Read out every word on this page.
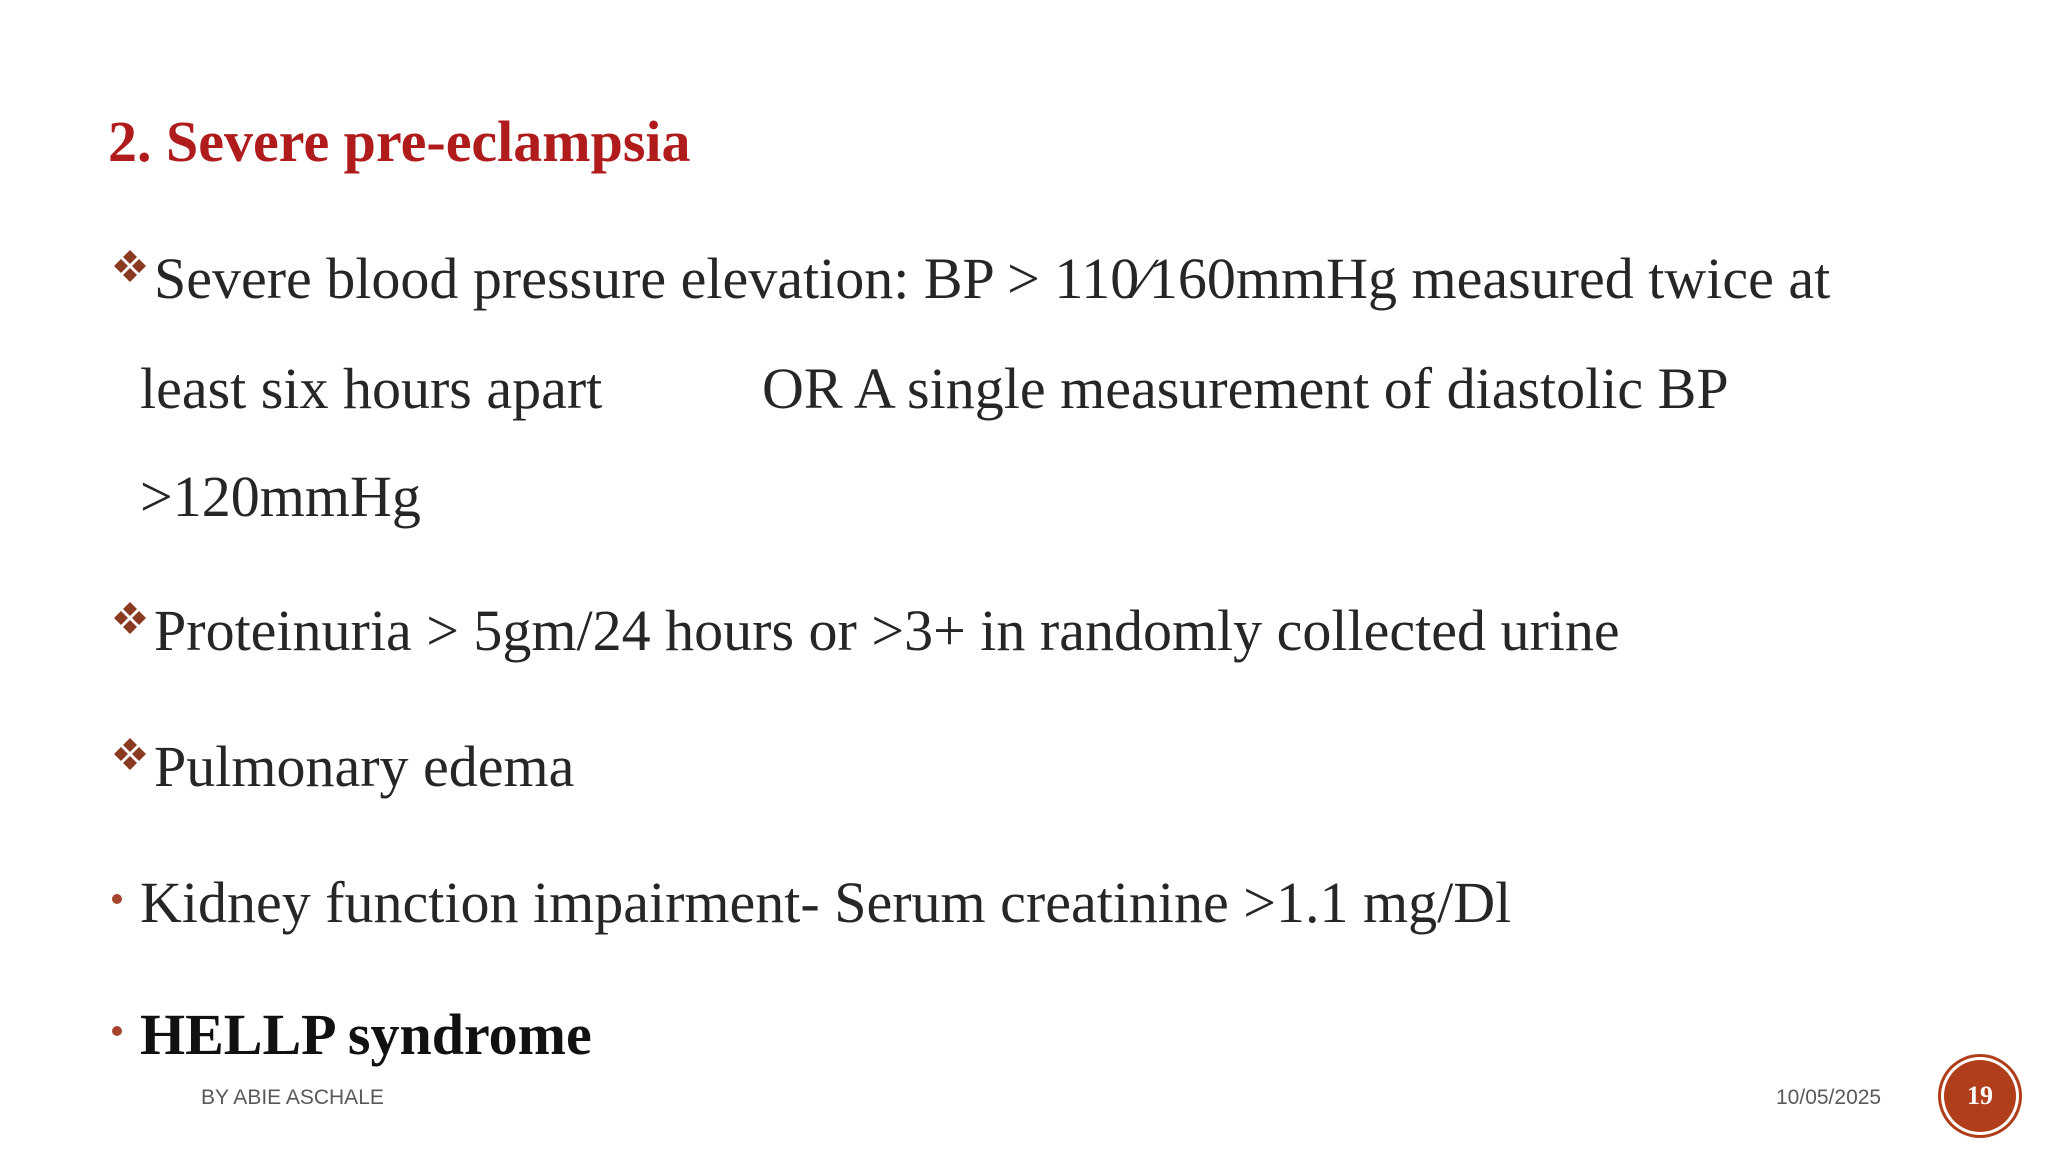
2. Severe pre-eclampsia
Severe blood pressure elevation: BP > 110⁄160mmHg measured twice at
least six hours apart	OR A single measurement of diastolic BP
>120mmHg
Proteinuria > 5gm/24 hours or >3+ in randomly collected urine
Pulmonary edema
Kidney function impairment- Serum creatinine >1.1 mg/Dl
HELLP syndrome
BY ABIE ASCHALE	10/05/2025	19
